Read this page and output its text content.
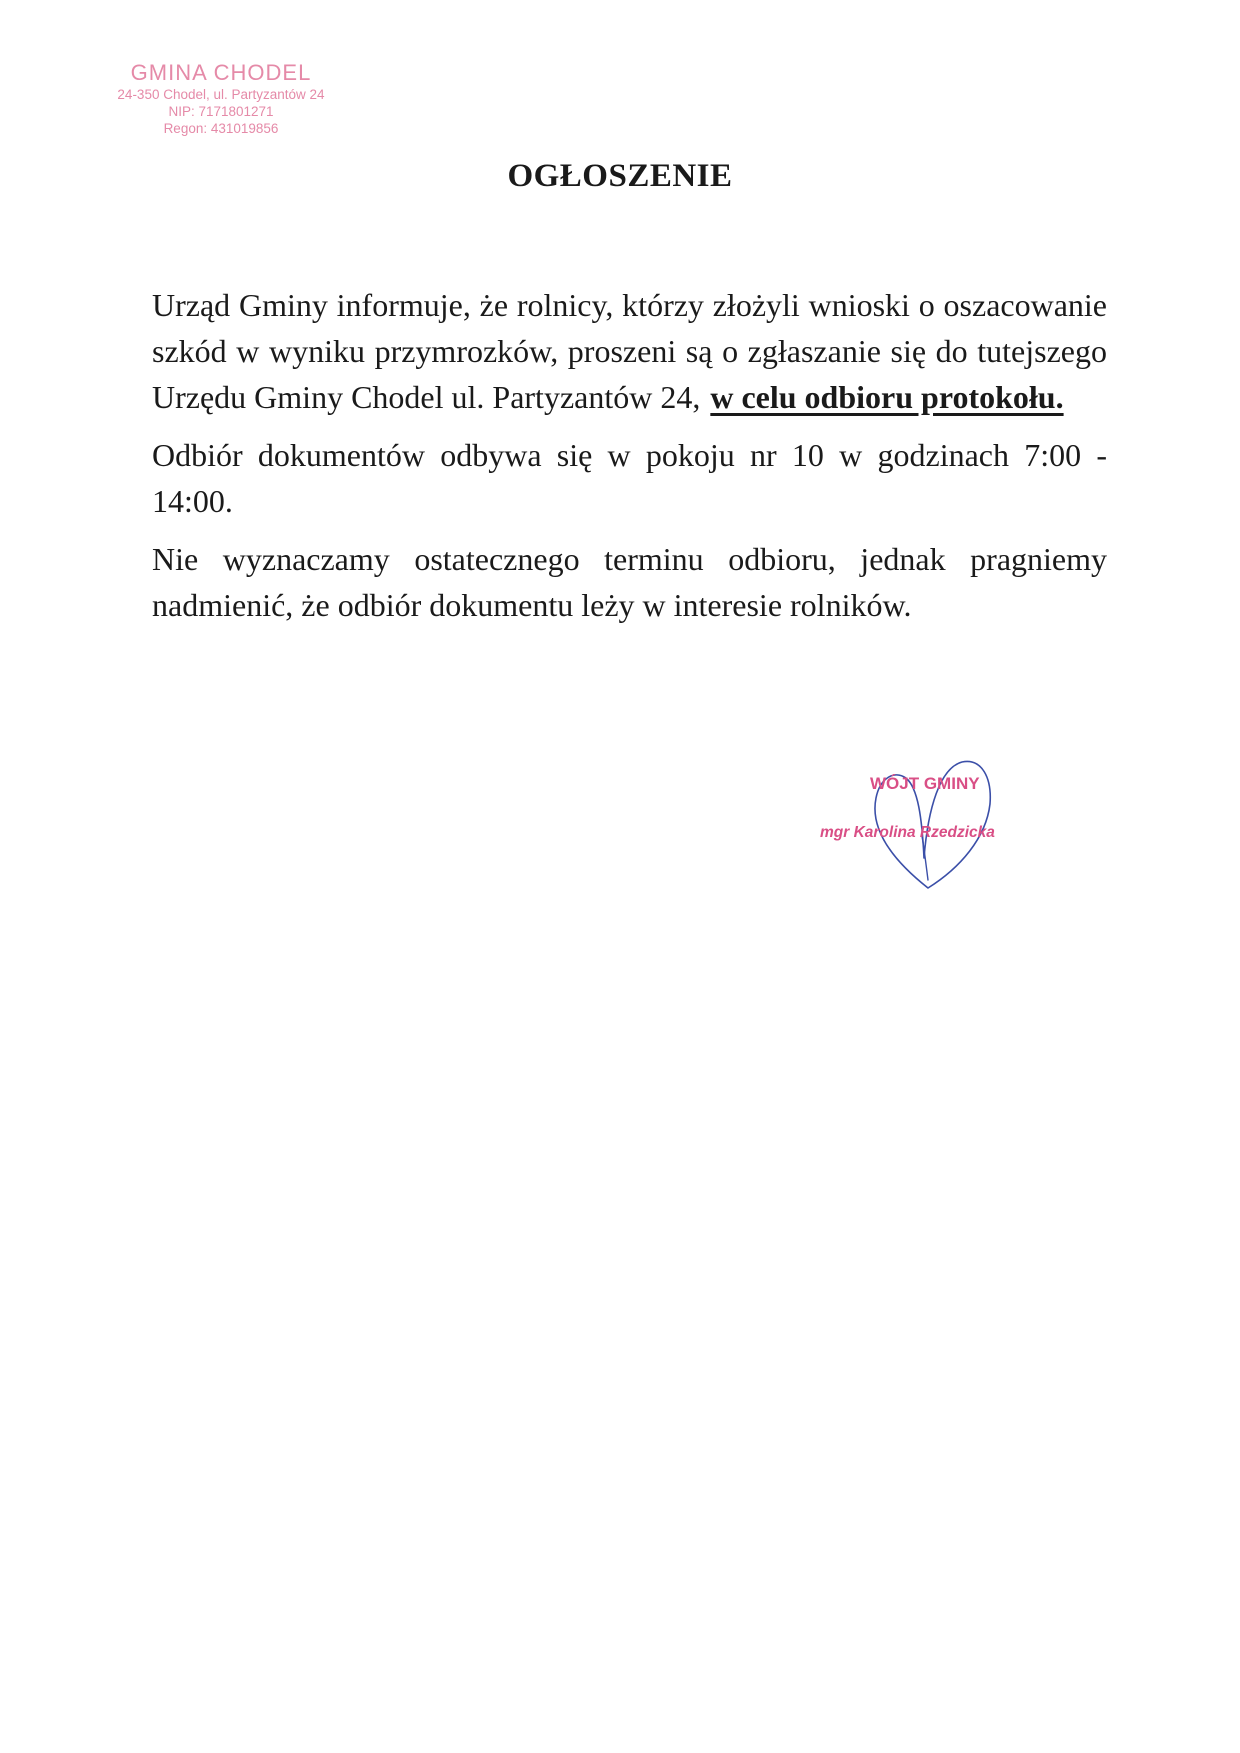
GMINA CHODEL
24-350 Chodel, ul. Partyzantów 24
NIP: 7171801271
Regon: 431019856
OGŁOSZENIE

Urząd Gminy informuje, że rolnicy, którzy złożyli wnioski o oszacowanie szkód w wyniku przymrozków, proszeni są o zgłaszanie się do tutejszego Urzędu Gminy Chodel ul. Partyzantów 24, w celu odbioru protokołu.

Odbiór dokumentów odbywa się w pokoju nr 10 w godzinach 7:00 - 14:00.

Nie wyznaczamy ostatecznego terminu odbioru, jednak pragniemy nadmienić, że odbiór dokumentu leży w interesie rolników.

WÓJT GMINY
mgr Karolina Rzedzicka
